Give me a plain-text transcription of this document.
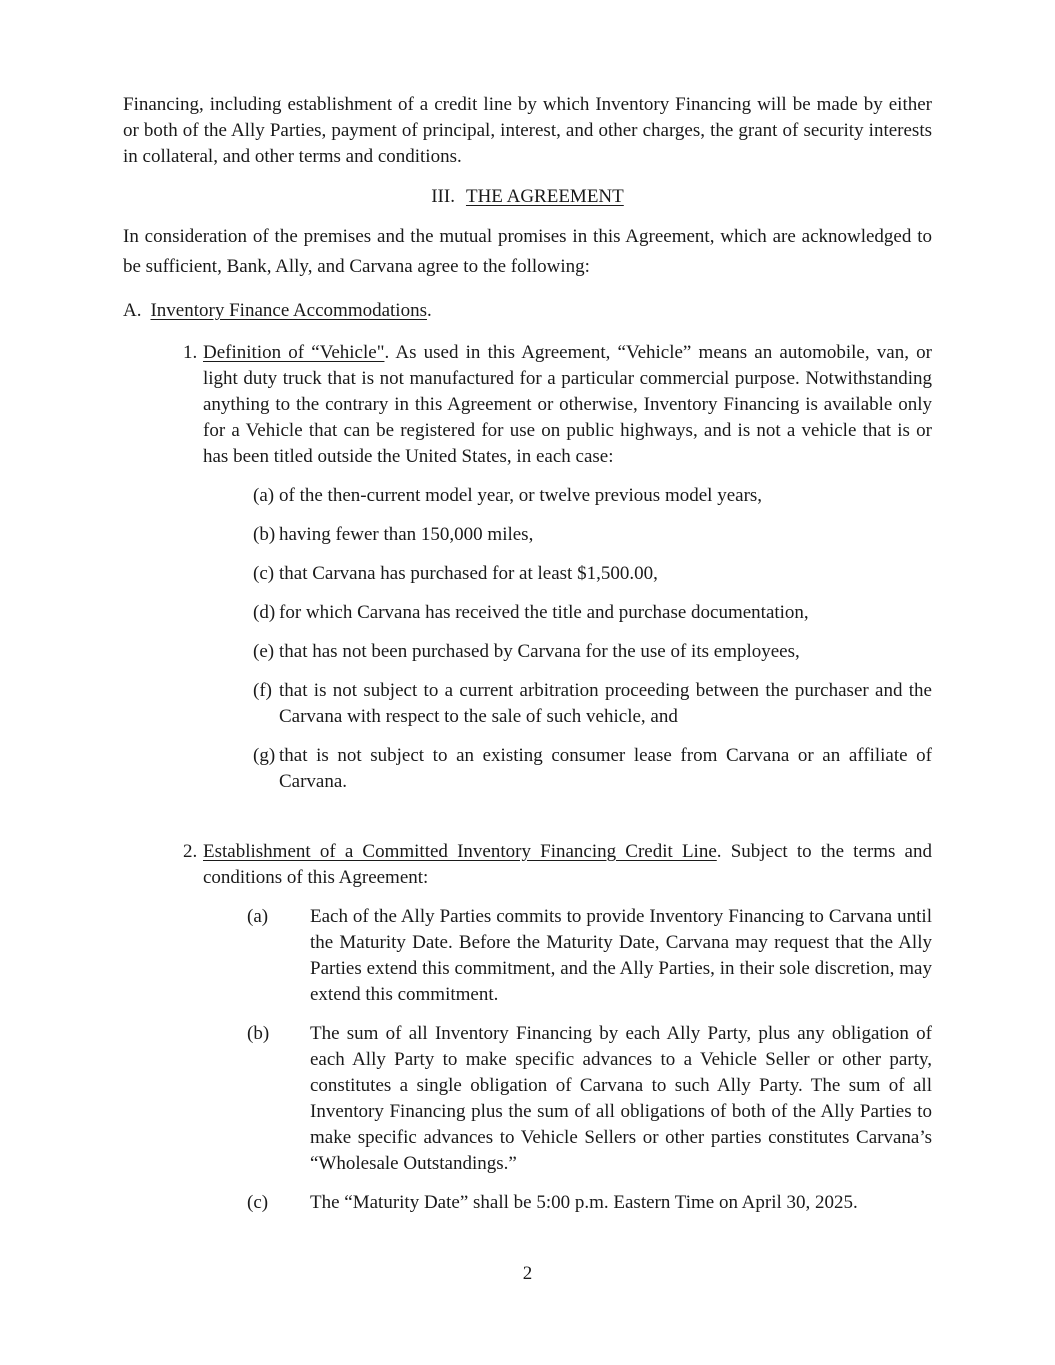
Financing, including establishment of a credit line by which Inventory Financing will be made by either or both of the Ally Parties, payment of principal, interest, and other charges, the grant of security interests in collateral, and other terms and conditions.
III. THE AGREEMENT
In consideration of the premises and the mutual promises in this Agreement, which are acknowledged to be sufficient, Bank, Ally, and Carvana agree to the following:
A. Inventory Finance Accommodations.
1. Definition of “Vehicle". As used in this Agreement, “Vehicle” means an automobile, van, or light duty truck that is not manufactured for a particular commercial purpose. Notwithstanding anything to the contrary in this Agreement or otherwise, Inventory Financing is available only for a Vehicle that can be registered for use on public highways, and is not a vehicle that is or has been titled outside the United States, in each case:
(a) of the then-current model year, or twelve previous model years,
(b) having fewer than 150,000 miles,
(c) that Carvana has purchased for at least $1,500.00,
(d) for which Carvana has received the title and purchase documentation,
(e) that has not been purchased by Carvana for the use of its employees,
(f) that is not subject to a current arbitration proceeding between the purchaser and the Carvana with respect to the sale of such vehicle, and
(g) that is not subject to an existing consumer lease from Carvana or an affiliate of Carvana.
2. Establishment of a Committed Inventory Financing Credit Line. Subject to the terms and conditions of this Agreement:
(a)	Each of the Ally Parties commits to provide Inventory Financing to Carvana until the Maturity Date. Before the Maturity Date, Carvana may request that the Ally Parties extend this commitment, and the Ally Parties, in their sole discretion, may extend this commitment.
(b)	The sum of all Inventory Financing by each Ally Party, plus any obligation of each Ally Party to make specific advances to a Vehicle Seller or other party, constitutes a single obligation of Carvana to such Ally Party. The sum of all Inventory Financing plus the sum of all obligations of both of the Ally Parties to make specific advances to Vehicle Sellers or other parties constitutes Carvana’s “Wholesale Outstandings.”
(c)	The “Maturity Date” shall be 5:00 p.m. Eastern Time on April 30, 2025.
2
